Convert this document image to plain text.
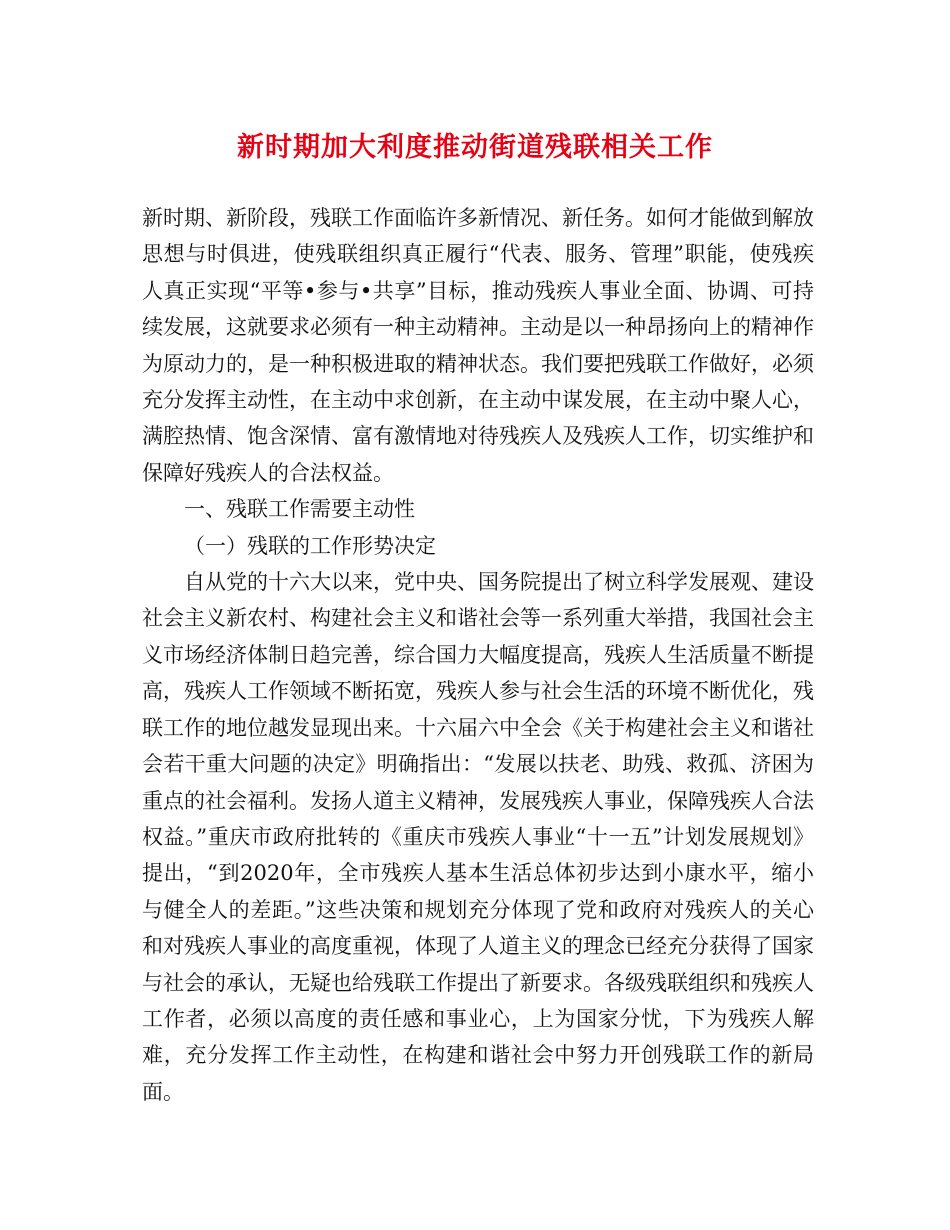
新时期加大利度推动街道残联相关工作

新时期、新阶段，残联工作面临许多新情况、新任务。如何才能做到解放思想与时俱进，使残联组织真正履行“代表、服务、管理”职能，使残疾人真正实现“平等•参与•共享”目标，推动残疾人事业全面、协调、可持续发展，这就要求必须有一种主动精神。主动是以一种昂扬向上的精神作为原动力的，是一种积极进取的精神状态。我们要把残联工作做好，必须充分发挥主动性，在主动中求创新，在主动中谋发展，在主动中聚人心，满腔热情、饱含深情、富有激情地对待残疾人及残疾人工作，切实维护和保障好残疾人的合法权益。

一、残联工作需要主动性

（一）残联的工作形势决定

自从党的十六大以来，党中央、国务院提出了树立科学发展观、建设社会主义新农村、构建社会主义和谐社会等一系列重大举措，我国社会主义市场经济体制日趋完善，综合国力大幅度提高，残疾人生活质量不断提高，残疾人工作领域不断拓宽，残疾人参与社会生活的环境不断优化，残联工作的地位越发显现出来。十六届六中全会《关于构建社会主义和谐社会若干重大问题的决定》明确指出：“发展以扶老、助残、救孤、济困为重点的社会福利。发扬人道主义精神，发展残疾人事业，保障残疾人合法权益。”重庆市政府批转的《重庆市残疾人事业“十一五”计划发展规划》提出，“到2020年，全市残疾人基本生活总体初步达到小康水平，缩小与健全人的差距。”这些决策和规划充分体现了党和政府对残疾人的关心和对残疾人事业的高度重视，体现了人道主义的理念已经充分获得了国家与社会的承认，无疑也给残联工作提出了新要求。各级残联组织和残疾人工作者，必须以高度的责任感和事业心，上为国家分忧，下为残疾人解难，充分发挥工作主动性，在构建和谐社会中努力开创残联工作的新局面。
